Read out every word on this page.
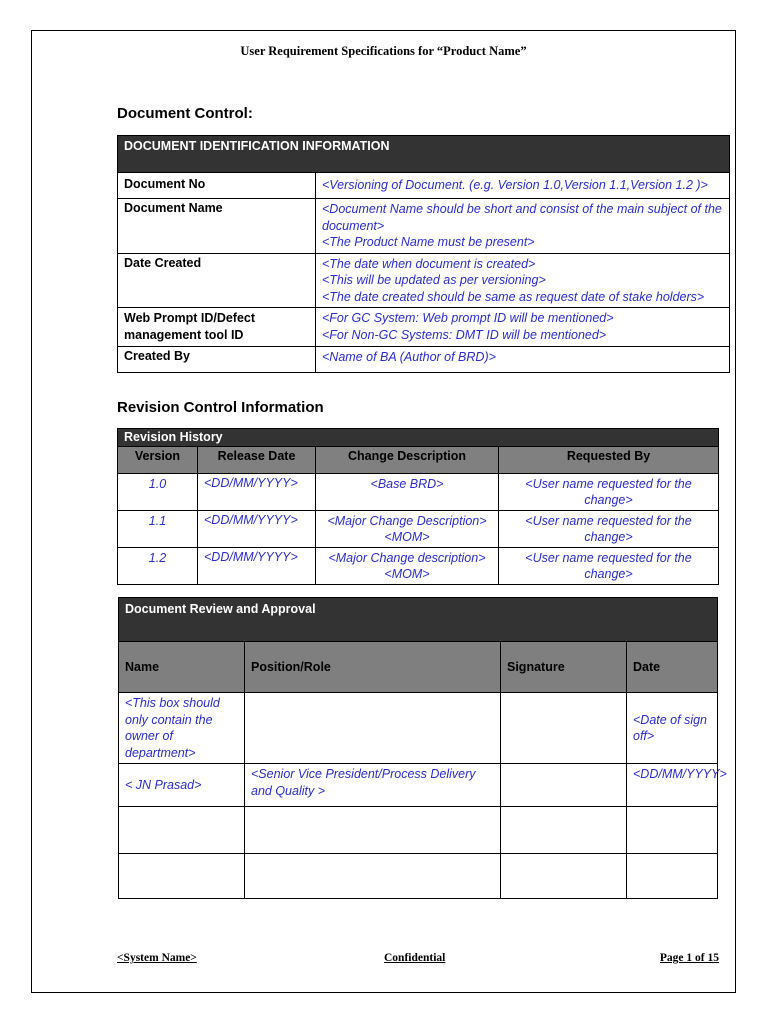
User Requirement Specifications for “Product Name”
Document Control:
DOCUMENT IDENTIFICATION INFORMATION	
Document No	<Versioning of Document. (e.g. Version 1.0,Version 1.1,Version 1.2 )>

Document Name	<Document Name should be short and consist of the main subject of the document>
<The Product Name must be present>

Date Created	<The date when document is created>
<This will be updated as per versioning>
<The date created should be same as request date of stake holders>

Web Prompt ID/Defect management tool ID	<For GC System: Web prompt ID will be mentioned>
<For Non-GC Systems: DMT ID will be mentioned>

Created By	<Name of BA (Author of BRD)>
Revision Control Information
Revision History			
Version	Release Date	Change Description	Requested By
1.0	<DD/MM/YYYY>	<Base BRD>	<User name requested for the change>
1.1	<DD/MM/YYYY>	<Major Change Description><MOM>	<User name requested for the change>
1.2	<DD/MM/YYYY>	<Major Change description><MOM>	<User name requested for the change>
Document Review and Approval			
Name	Position/Role	Signature	Date
<This box should only contain the owner of department>			<Date of sign off>
< JN Prasad>	<Senior Vice President/Process Delivery and Quality >		<DD/MM/YYYY>

<System Name>	Confidential	Page 1 of 15
